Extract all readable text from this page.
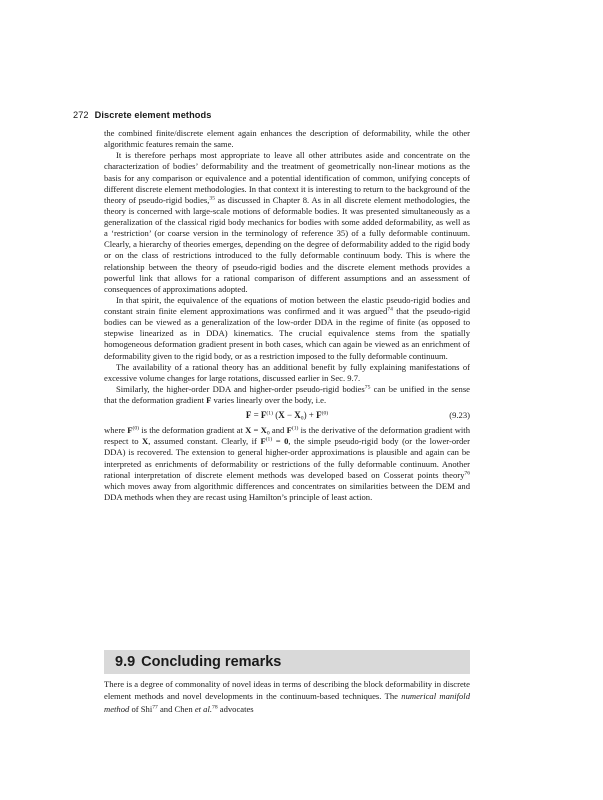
272 Discrete element methods

the combined finite/discrete element again enhances the description of deformability, while the other algorithmic features remain the same.

It is therefore perhaps most appropriate to leave all other attributes aside and concentrate on the characterization of bodies’ deformability and the treatment of geometrically non-linear motions as the basis for any comparison or equivalence and a potential identification of common, unifying concepts of different discrete element methodologies. In that context it is interesting to return to the background of the theory of pseudo-rigid bodies,$^{35}$ as discussed in Chapter 8. As in all discrete element methodologies, the theory is concerned with large-scale motions of deformable bodies. It was presented simultaneously as a generalization of the classical rigid body mechanics for bodies with some added deformability, as well as a ‘restriction’ (or coarse version in the terminology of reference 35) of a fully deformable continuum. Clearly, a hierarchy of theories emerges, depending on the degree of deformability added to the rigid body or on the class of restrictions introduced to the fully deformable continuum body. This is where the relationship between the theory of pseudo-rigid bodies and the discrete element methods provides a powerful link that allows for a rational comparison of different assumptions and an assessment of consequences of approximations adopted.

In that spirit, the equivalence of the equations of motion between the elastic pseudo-rigid bodies and constant strain finite element approximations was confirmed and it was argued$^{74}$ that the pseudo-rigid bodies can be viewed as a generalization of the low-order DDA in the regime of finite (as opposed to stepwise linearized as in DDA) kinematics. The crucial equivalence stems from the spatially homogeneous deformation gradient present in both cases, which can again be viewed as an enrichment of deformability given to the rigid body, or as a restriction imposed to the fully deformable continuum.

The availability of a rational theory has an additional benefit by fully explaining manifestations of excessive volume changes for large rotations, discussed earlier in Sec. 9.7.

Similarly, the higher-order DDA and higher-order pseudo-rigid bodies$^{75}$ can be unified in the sense that the deformation gradient F varies linearly over the body, i.e.

$F = F^{(1)}$ $(X - X_0) + F^{(0)}$	(9.23)

where $F^{(0)}$ is the deformation gradient at $X = X_0$ and $F^{(1)}$ is the derivative of the deformation gradient with respect to X, assumed constant. Clearly, if $F^{(1)} = 0$, the simple pseudo-rigid body (or the lower-order DDA) is recovered. The extension to general higher-order approximations is plausible and again can be interpreted as enrichments of deformability or restrictions of the fully deformable continuum. Another rational interpretation of discrete element methods was developed based on Cosserat points theory$^{76}$ which moves away from algorithmic differences and concentrates on similarities between the DEM and DDA methods when they are recast using Hamilton’s principle of least action.

9.9 Concluding remarks

There is a degree of commonality of novel ideas in terms of describing the block deformability in discrete element methods and novel developments in the continuum-based techniques. The numerical manifold method of Shi$^{77}$ and Chen et al.$^{78}$ advocates
